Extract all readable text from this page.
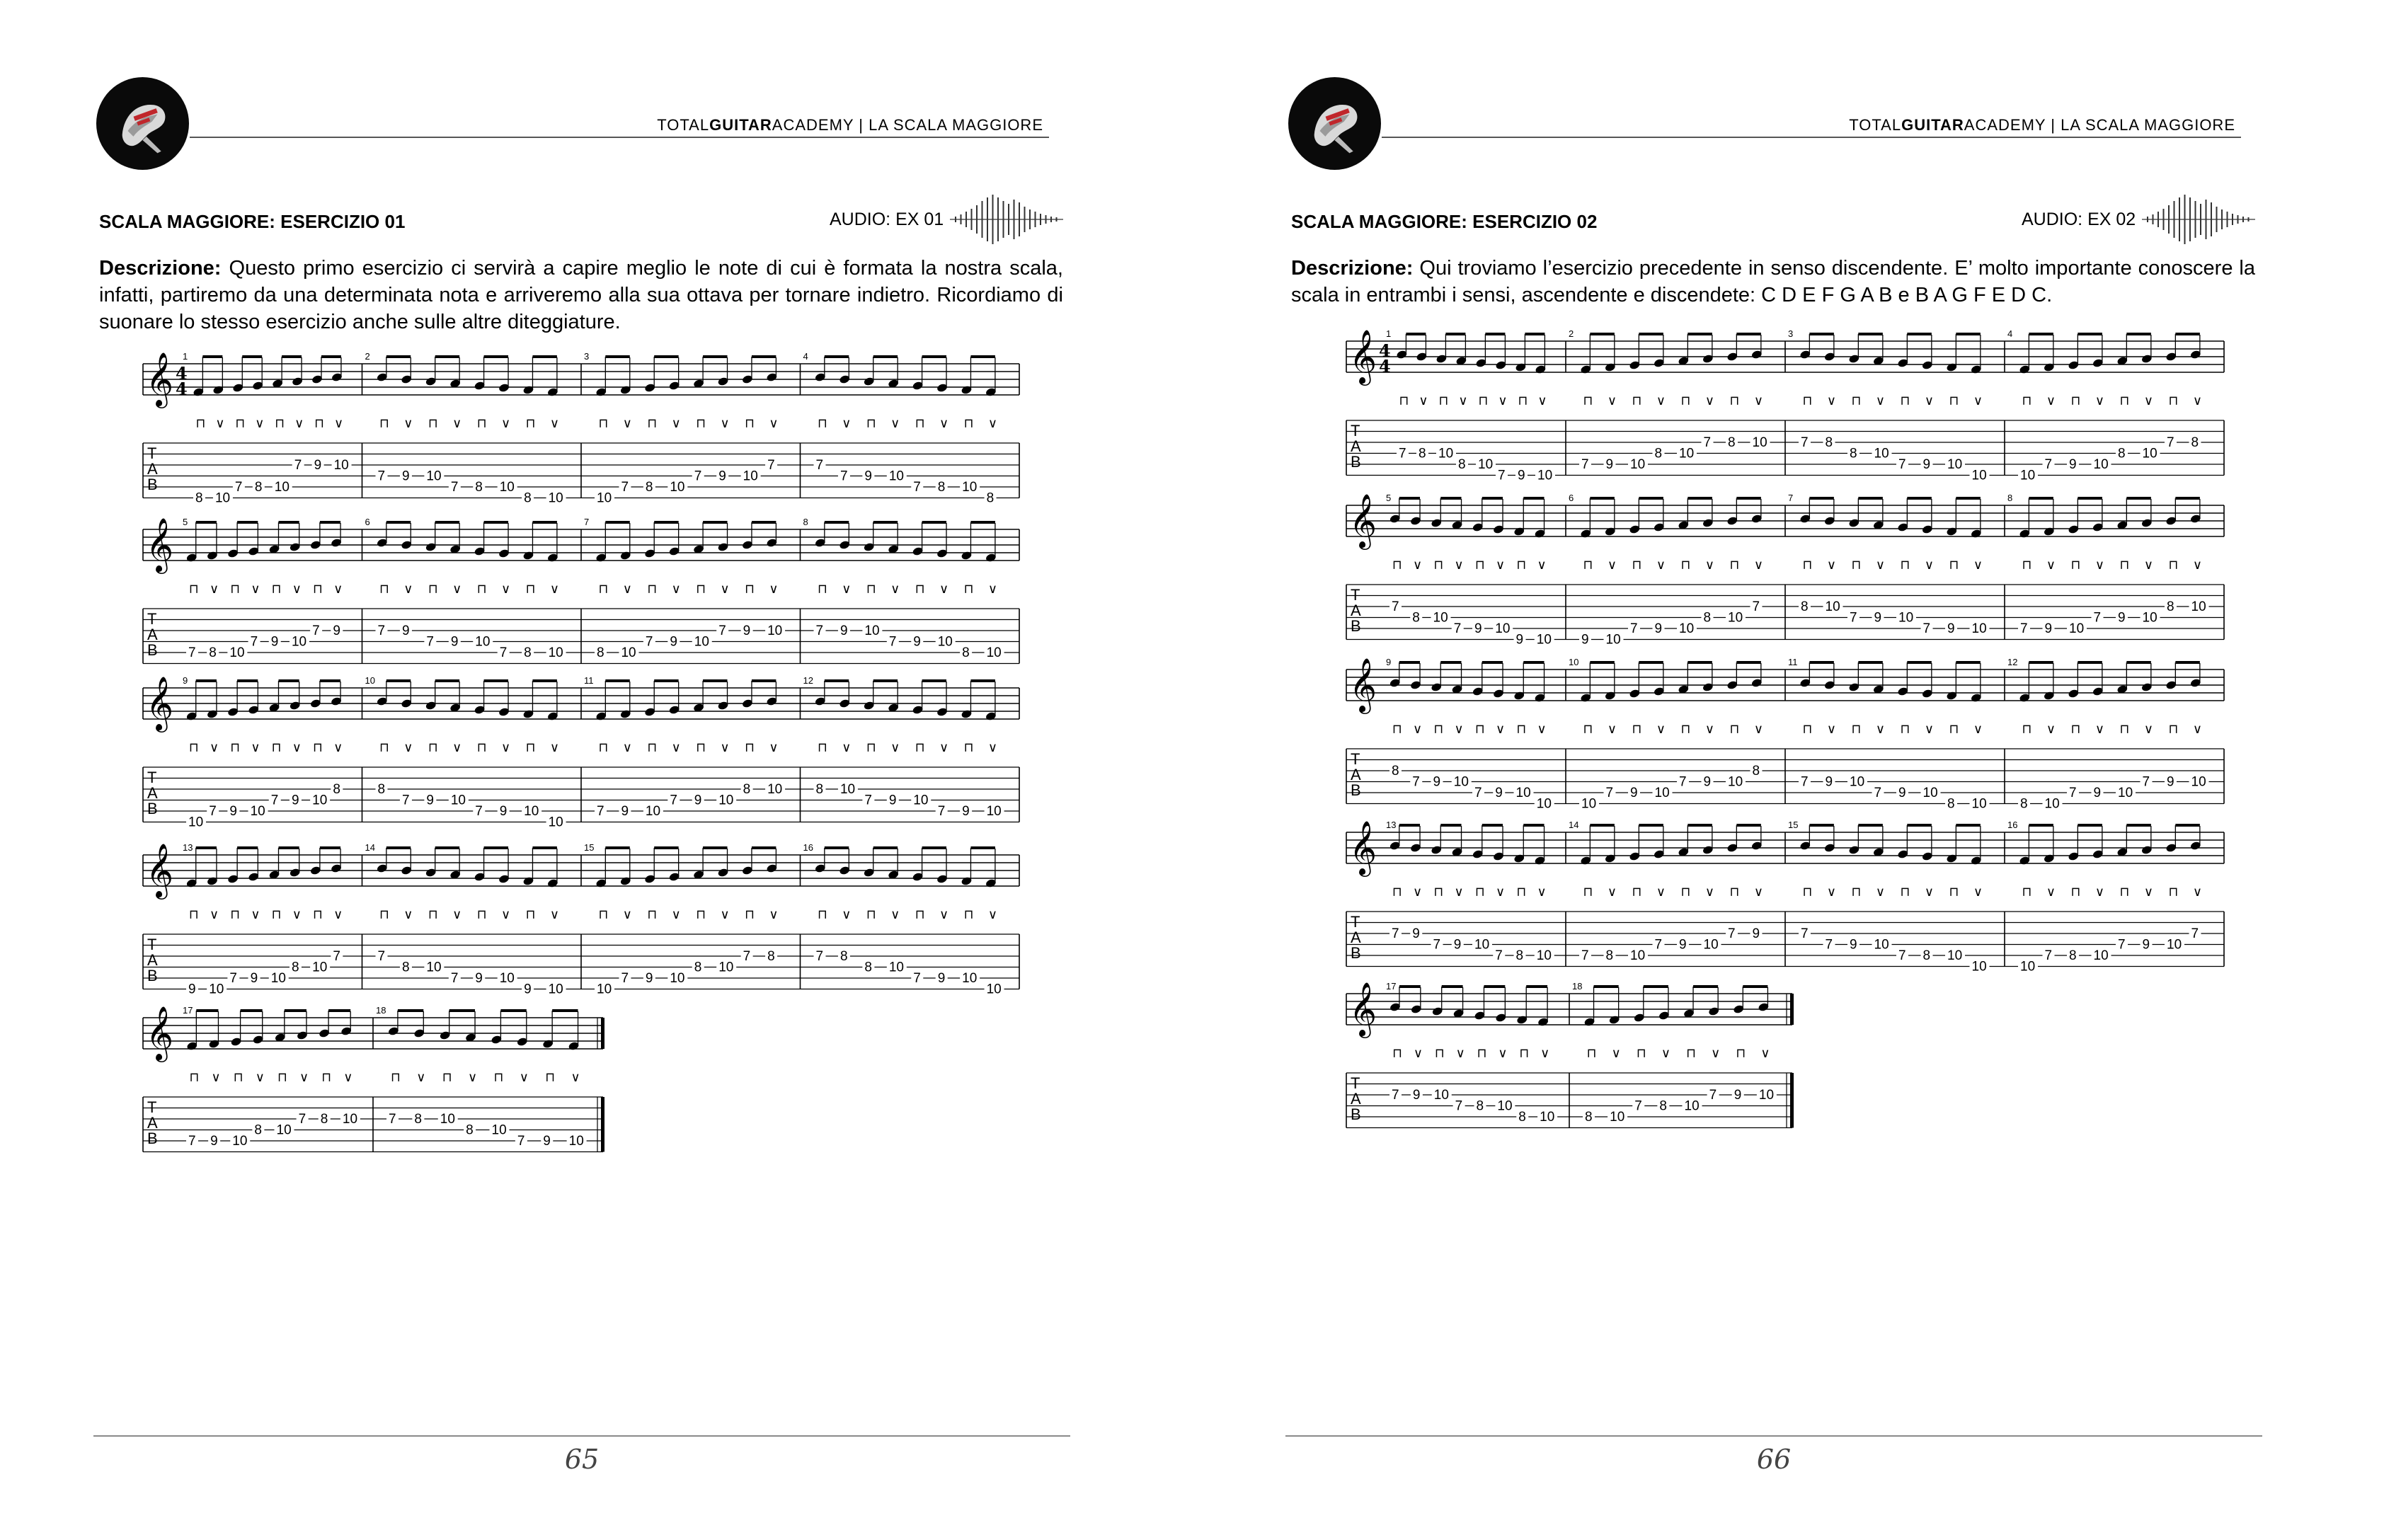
TOTALGUITARACADEMY | LA SCALA MAGGIORE
SCALA MAGGIORE: ESERCIZIO 01	AUDIO: EX 01
Descrizione: Questo primo esercizio ci servirà a capire meglio le note di cui è formata la nostra scala, infatti, partiremo da una determinata nota e arriveremo alla sua ottava per tornare indietro. Ricordiamo di suonare lo stesso esercizio anche sulle altre diteggiature.
𝄞 4
4
T
A
B
1
⊓ ∨ ⊓ ∨ ⊓ ∨ ⊓ ∨
8 10
7 8 10
7 9 10
2
⊓ ∨ ⊓ ∨ ⊓ ∨ ⊓ ∨
7 9 10
7 8 10
8 10
3
⊓ ∨ ⊓ ∨ ⊓ ∨ ⊓ ∨
10
7 8 10
7 9 10
7
4
⊓ ∨ ⊓ ∨ ⊓ ∨ ⊓ ∨
7
7 9 10
7 8 10
8
𝄞
T
A
B
5
⊓ ∨ ⊓ ∨ ⊓ ∨ ⊓ ∨
7 8 10
7 9 10
7 9
6
⊓ ∨ ⊓ ∨ ⊓ ∨ ⊓ ∨
7 9
7 9 10
7 8 10
7
⊓ ∨ ⊓ ∨ ⊓ ∨ ⊓ ∨
8 10
7 9 10
7 9 10
8
⊓ ∨ ⊓ ∨ ⊓ ∨ ⊓ ∨
7 9 10
7 9 10
8 10
𝄞
T
A
B
9
⊓ ∨ ⊓ ∨ ⊓ ∨ ⊓ ∨
10
7 9 10
7 9 10
8
10
⊓ ∨ ⊓ ∨ ⊓ ∨ ⊓ ∨
8
7 9 10
7 9 10
10
11
⊓ ∨ ⊓ ∨ ⊓ ∨ ⊓ ∨
7 9 10
7 9 10
8 10
12
⊓ ∨ ⊓ ∨ ⊓ ∨ ⊓ ∨
8 10
7 9 10
7 9 10
𝄞
T
A
B
13
⊓ ∨ ⊓ ∨ ⊓ ∨ ⊓ ∨
9 10
7 9 10
8 10
7
14
⊓ ∨ ⊓ ∨ ⊓ ∨ ⊓ ∨
7
8 10
7 9 10
9 10
15
⊓ ∨ ⊓ ∨ ⊓ ∨ ⊓ ∨
10
7 9 10
8 10
7 8
16
⊓ ∨ ⊓ ∨ ⊓ ∨ ⊓ ∨
7 8
8 10
7 9 10
10
𝄞
T
A
B
17
⊓ ∨ ⊓ ∨ ⊓ ∨ ⊓ ∨
7 9 10
8 10
7 8 10
18
⊓ ∨ ⊓ ∨ ⊓ ∨ ⊓ ∨
7 8 10
8 10
7 9 10
65
TOTALGUITARACADEMY | LA SCALA MAGGIORE
SCALA MAGGIORE: ESERCIZIO 02	AUDIO: EX 02
Descrizione: Qui troviamo l’esercizio precedente in senso discendente. E’ molto importante conoscere la scala in entrambi i sensi, ascendente e discendete: C D E F G A B e B A G F E D C.
𝄞 4
4
T
A
B
1
⊓ ∨ ⊓ ∨ ⊓ ∨ ⊓ ∨
7 8 10
8 10
7 9 10
2
⊓ ∨ ⊓ ∨ ⊓ ∨ ⊓ ∨
7 9 10
8 10
7 8 10
3
⊓ ∨ ⊓ ∨ ⊓ ∨ ⊓ ∨
7 8
8 10
7 9 10
10
4
⊓ ∨ ⊓ ∨ ⊓ ∨ ⊓ ∨
10
7 9 10
8 10
7 8
𝄞
T
A
B
5
⊓ ∨ ⊓ ∨ ⊓ ∨ ⊓ ∨
7
8 10
7 9 10
9 10
6
⊓ ∨ ⊓ ∨ ⊓ ∨ ⊓ ∨
9 10
7 9 10
8 10
7
7
⊓ ∨ ⊓ ∨ ⊓ ∨ ⊓ ∨
8 10
7 9 10
7 9 10
8
⊓ ∨ ⊓ ∨ ⊓ ∨ ⊓ ∨
7 9 10
7 9 10
8 10
𝄞
T
A
B
9
⊓ ∨ ⊓ ∨ ⊓ ∨ ⊓ ∨
8
7 9 10
7 9 10
10
10
⊓ ∨ ⊓ ∨ ⊓ ∨ ⊓ ∨
10
7 9 10
7 9 10
8
11
⊓ ∨ ⊓ ∨ ⊓ ∨ ⊓ ∨
7 9 10
7 9 10
8 10
12
⊓ ∨ ⊓ ∨ ⊓ ∨ ⊓ ∨
8 10
7 9 10
7 9 10
𝄞
T
A
B
13
⊓ ∨ ⊓ ∨ ⊓ ∨ ⊓ ∨
7 9
7 9 10
7 8 10
14
⊓ ∨ ⊓ ∨ ⊓ ∨ ⊓ ∨
7 8 10
7 9 10
7 9
15
⊓ ∨ ⊓ ∨ ⊓ ∨ ⊓ ∨
7
7 9 10
7 8 10
10
16
⊓ ∨ ⊓ ∨ ⊓ ∨ ⊓ ∨
10
7 8 10
7 9 10
7
𝄞
T
A
B
17
⊓ ∨ ⊓ ∨ ⊓ ∨ ⊓ ∨
7 9 10
7 8 10
8 10
18
⊓ ∨ ⊓ ∨ ⊓ ∨ ⊓ ∨
8 10
7 8 10
7 9 10
66
